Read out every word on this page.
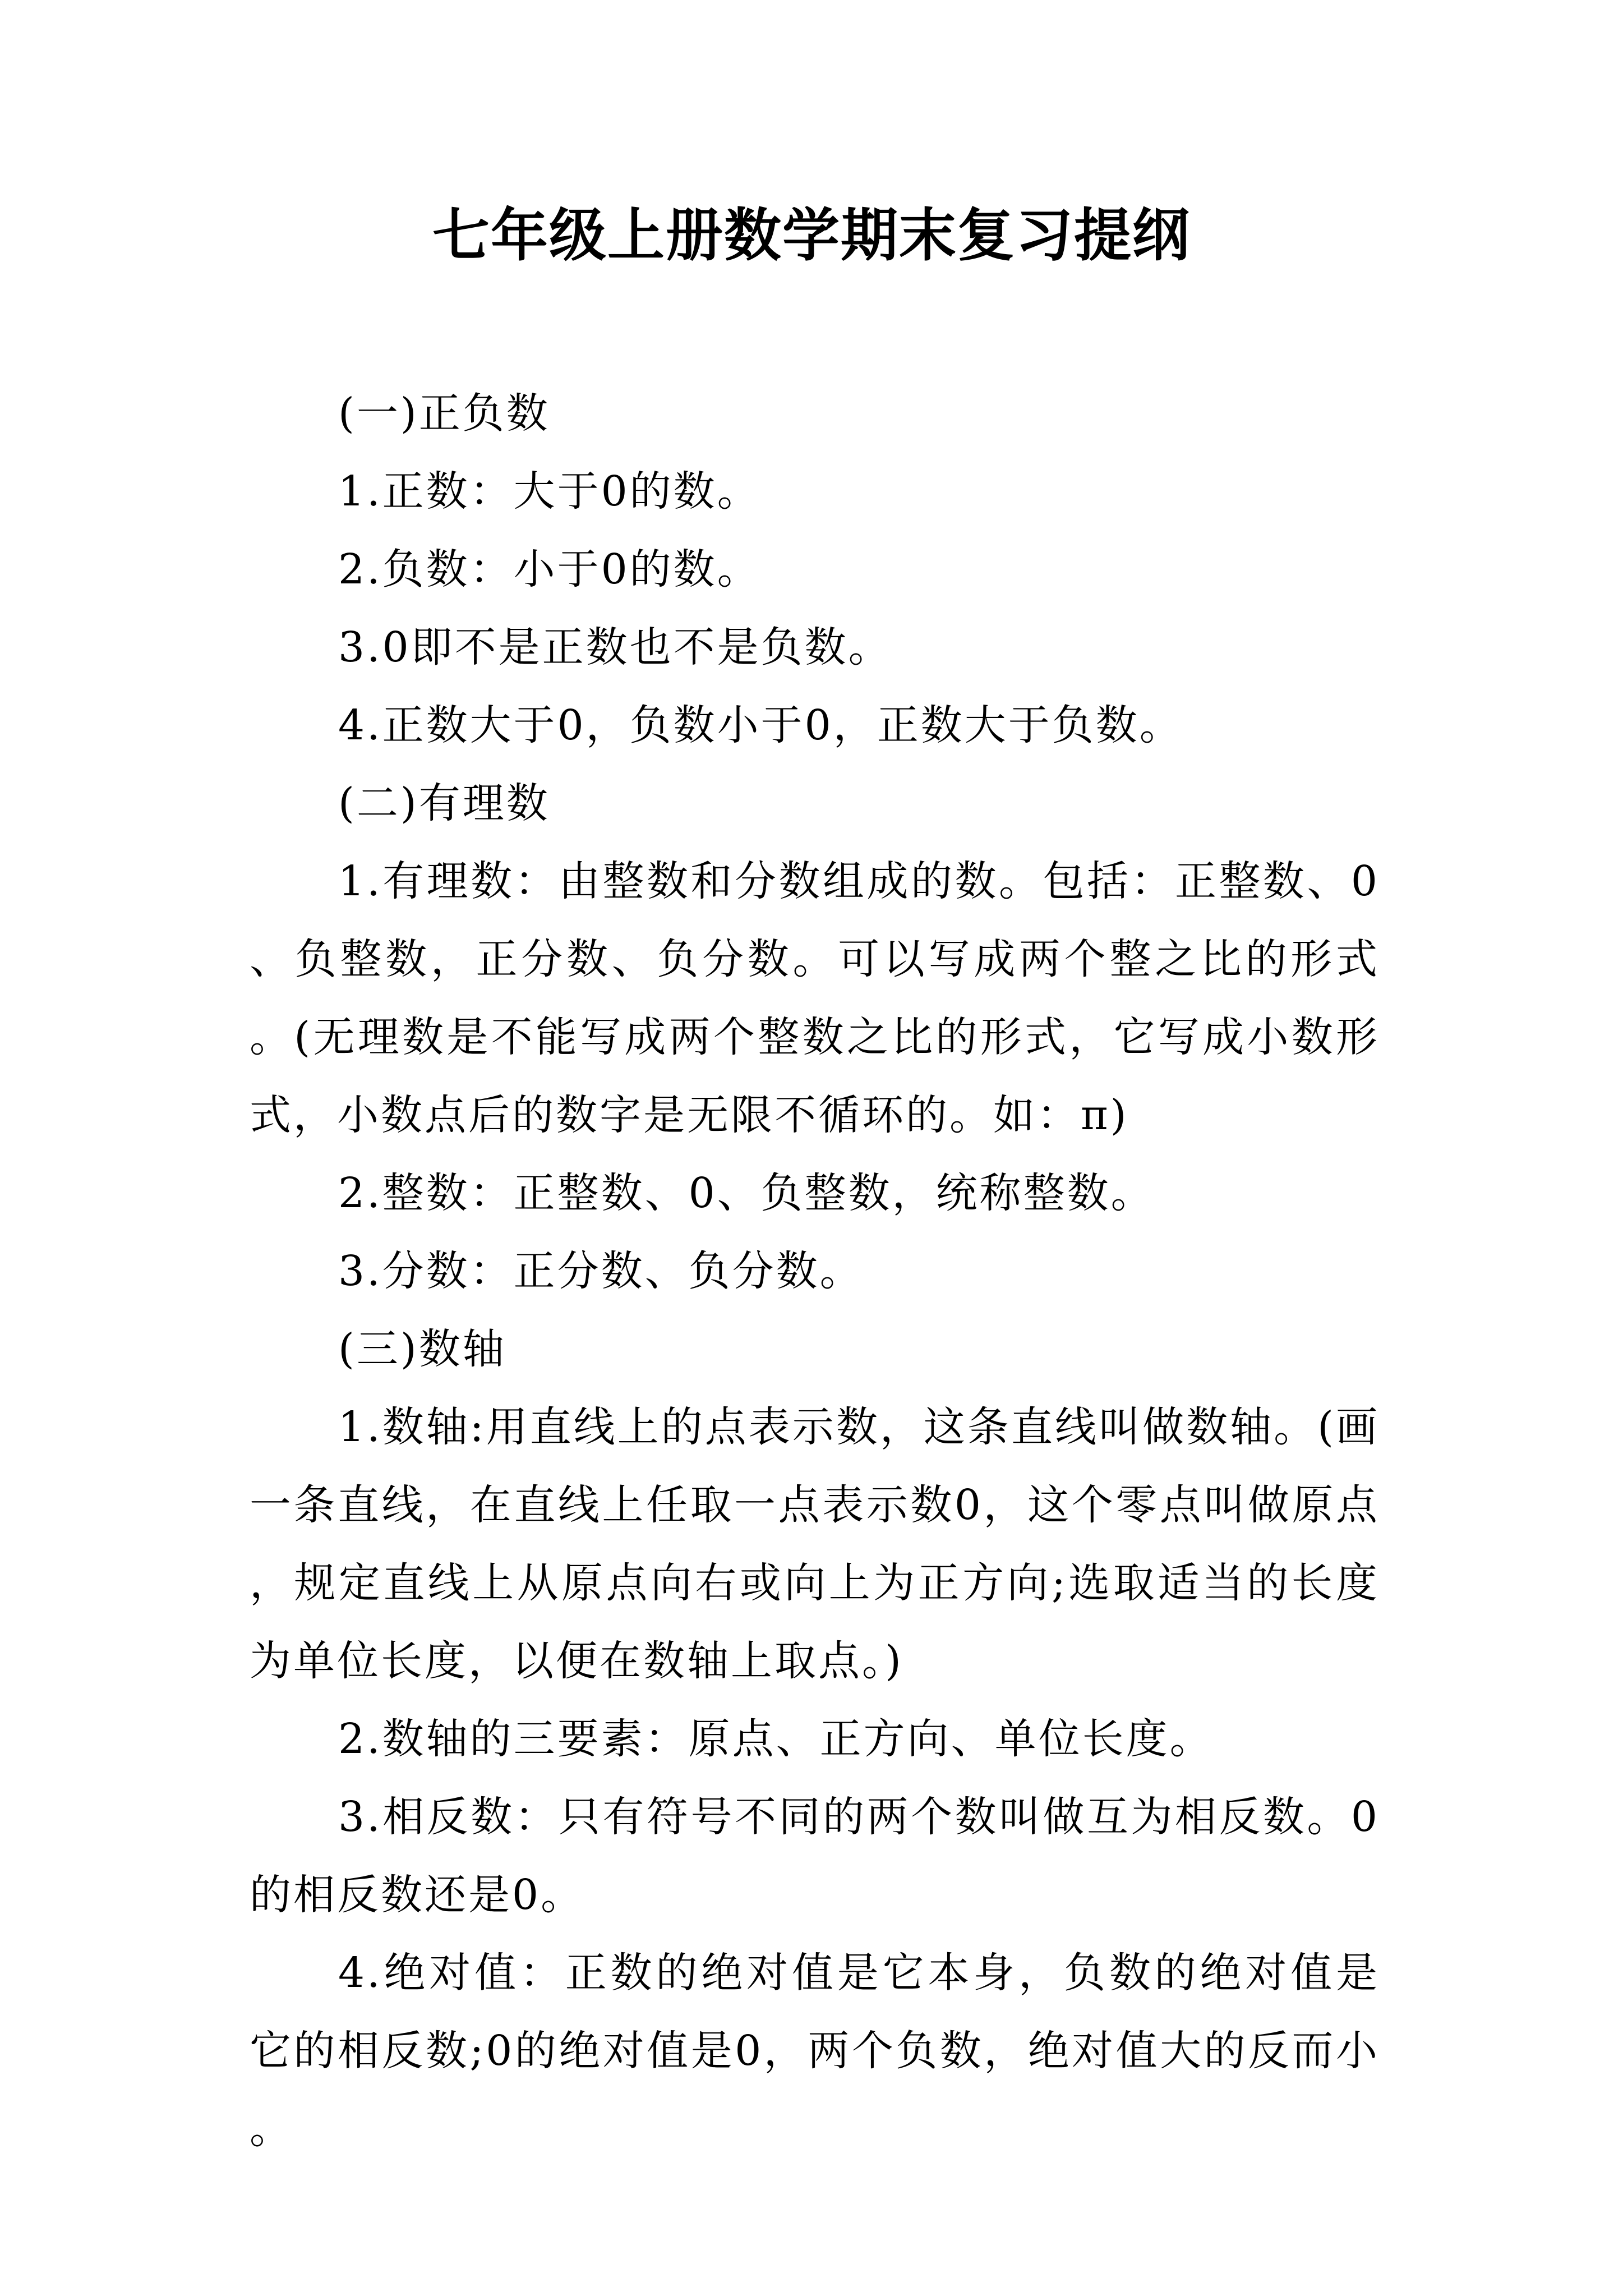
七年级上册数学期末复习提纲

(一)正负数

1.正数：大于0的数。

2.负数：小于0的数。

3.0即不是正数也不是负数。

4.正数大于0，负数小于0，正数大于负数。

(二)有理数

1.有理数：由整数和分数组成的数。包括：正整数、0、负整数，正分数、负分数。可以写成两个整之比的形式。(无理数是不能写成两个整数之比的形式，它写成小数形式，小数点后的数字是无限不循环的。如：π)

2.整数：正整数、0、负整数，统称整数。

3.分数：正分数、负分数。

(三)数轴

1.数轴:用直线上的点表示数，这条直线叫做数轴。(画一条直线，在直线上任取一点表示数0，这个零点叫做原点，规定直线上从原点向右或向上为正方向;选取适当的长度为单位长度，以便在数轴上取点。)

2.数轴的三要素：原点、正方向、单位长度。

3.相反数：只有符号不同的两个数叫做互为相反数。0的相反数还是0。

4.绝对值：正数的绝对值是它本身，负数的绝对值是它的相反数;0的绝对值是0，两个负数，绝对值大的反而小。
